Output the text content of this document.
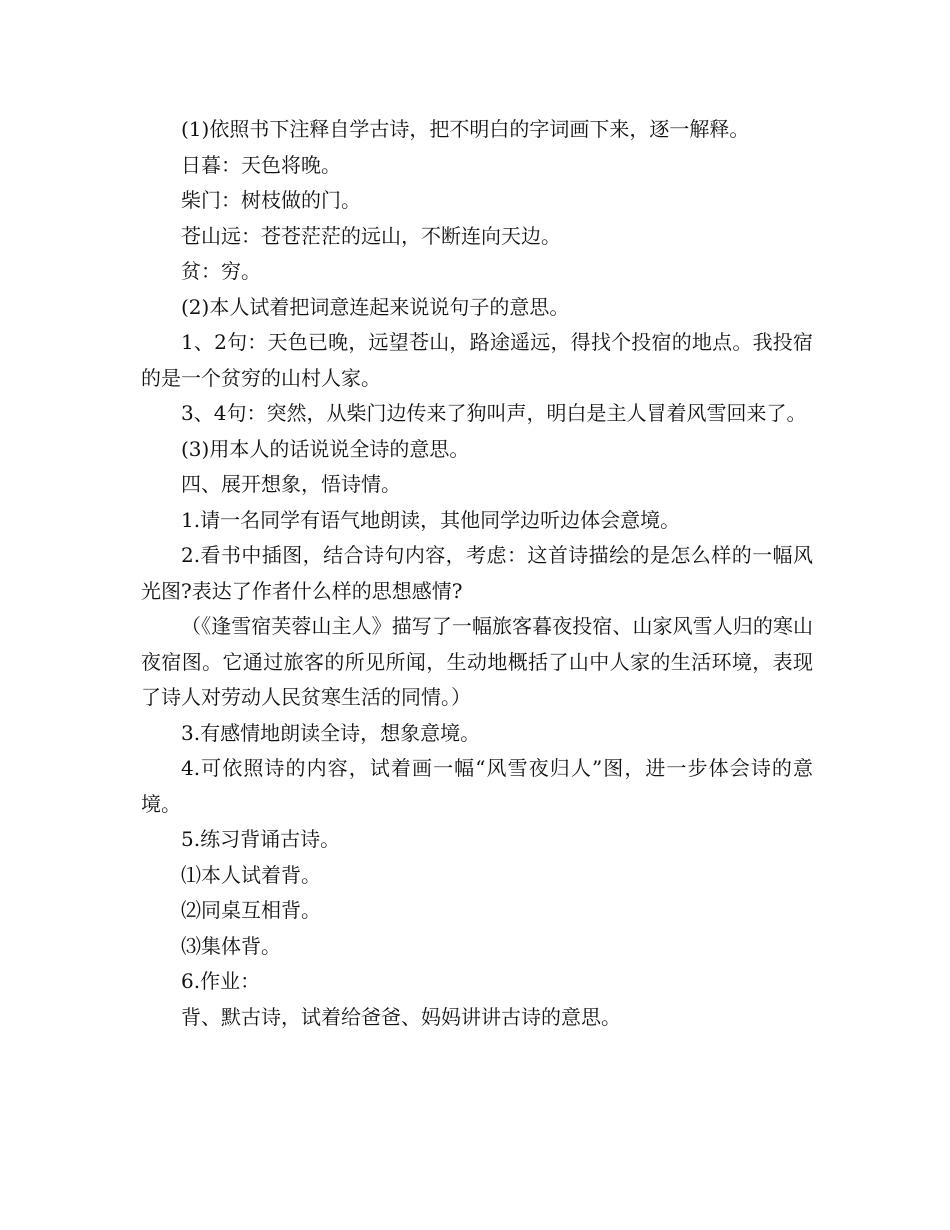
(1)依照书下注释自学古诗，把不明白的字词画下来，逐一解释。

日暮：天色将晚。

柴门：树枝做的门。

苍山远：苍苍茫茫的远山，不断连向天边。

贫：穷。

(2)本人试着把词意连起来说说句子的意思。

1、2句：天色已晚，远望苍山，路途遥远，得找个投宿的地点。我投宿的是一个贫穷的山村人家。

3、4句：突然，从柴门边传来了狗叫声，明白是主人冒着风雪回来了。

(3)用本人的话说说全诗的意思。

四、展开想象，悟诗情。

1.请一名同学有语气地朗读，其他同学边听边体会意境。

2.看书中插图，结合诗句内容，考虑：这首诗描绘的是怎么样的一幅风光图?表达了作者什么样的思想感情?

（《逢雪宿芙蓉山主人》描写了一幅旅客暮夜投宿、山家风雪人归的寒山夜宿图。它通过旅客的所见所闻，生动地概括了山中人家的生活环境，表现了诗人对劳动人民贫寒生活的同情。）

3.有感情地朗读全诗，想象意境。

4.可依照诗的内容，试着画一幅“风雪夜归人”图，进一步体会诗的意境。

5.练习背诵古诗。

⑴本人试着背。

⑵同桌互相背。

⑶集体背。

6.作业：

背、默古诗，试着给爸爸、妈妈讲讲古诗的意思。
